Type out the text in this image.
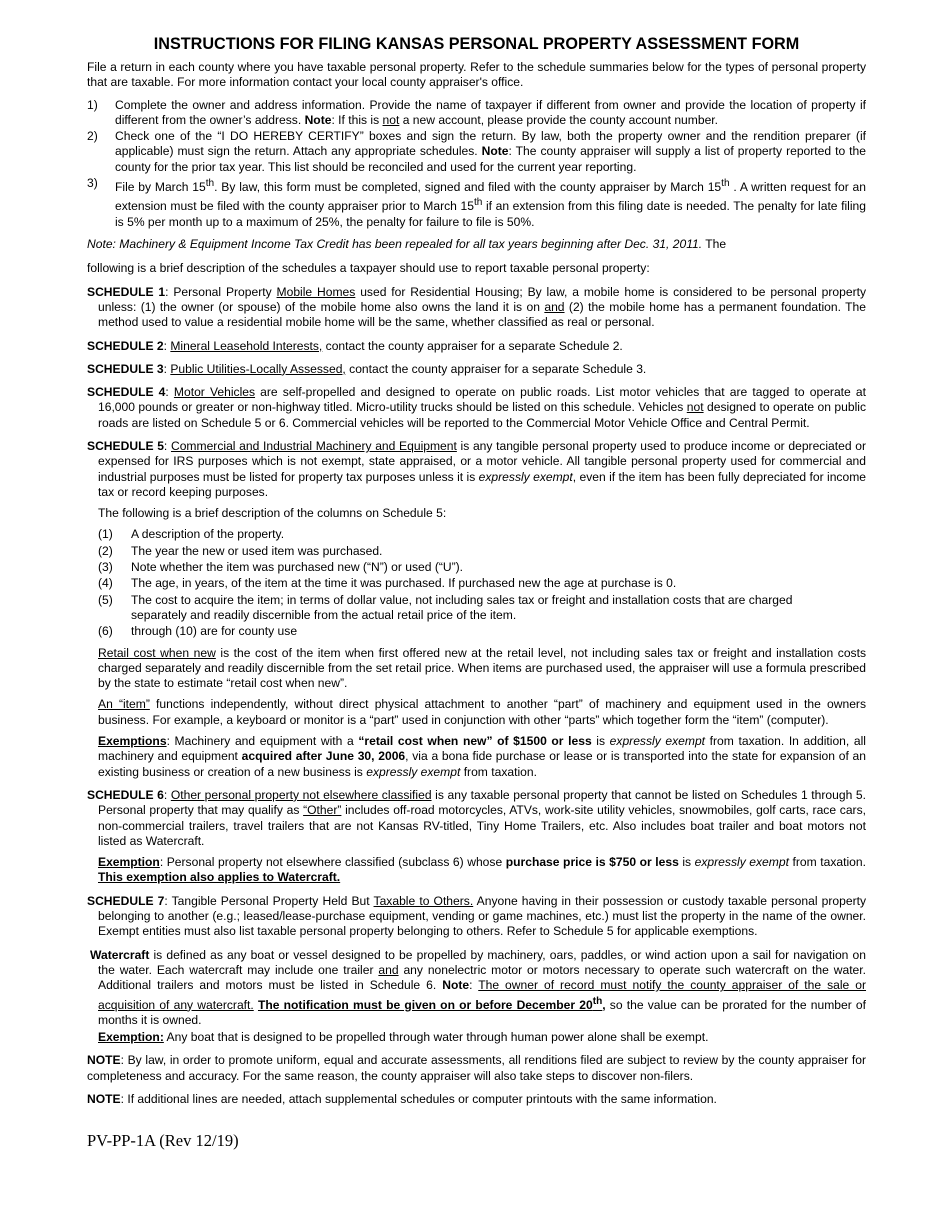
INSTRUCTIONS FOR FILING KANSAS PERSONAL PROPERTY ASSESSMENT FORM

File a return in each county where you have taxable personal property. Refer to the schedule summaries below for the types of personal property that are taxable. For more information contact your local county appraiser's office.

1) Complete the owner and address information. Provide the name of taxpayer if different from owner and provide the location of property if different from the owner’s address. Note: If this is not a new account, please provide the county account number.
2) Check one of the “I DO HEREBY CERTIFY” boxes and sign the return. By law, both the property owner and the rendition preparer (if applicable) must sign the return. Attach any appropriate schedules. Note: The county appraiser will supply a list of property reported to the county for the prior tax year. This list should be reconciled and used for the current year reporting.
3) File by March 15th. By law, this form must be completed, signed and filed with the county appraiser by March 15th . A written request for an extension must be filed with the county appraiser prior to March 15th if an extension from this filing date is needed. The penalty for late filing is 5% per month up to a maximum of 25%, the penalty for failure to file is 50%.

Note: Machinery & Equipment Income Tax Credit has been repealed for all tax years beginning after Dec. 31, 2011. The

following is a brief description of the schedules a taxpayer should use to report taxable personal property:

SCHEDULE 1: Personal Property Mobile Homes used for Residential Housing; By law, a mobile home is considered to be personal property unless: (1) the owner (or spouse) of the mobile home also owns the land it is on and (2) the mobile home has a permanent foundation. The method used to value a residential mobile home will be the same, whether classified as real or personal.

SCHEDULE 2: Mineral Leasehold Interests, contact the county appraiser for a separate Schedule 2.

SCHEDULE 3: Public Utilities-Locally Assessed, contact the county appraiser for a separate Schedule 3.

SCHEDULE 4: Motor Vehicles are self-propelled and designed to operate on public roads. List motor vehicles that are tagged to operate at 16,000 pounds or greater or non-highway titled. Micro-utility trucks should be listed on this schedule. Vehicles not designed to operate on public roads are listed on Schedule 5 or 6. Commercial vehicles will be reported to the Commercial Motor Vehicle Office and Central Permit.

SCHEDULE 5: Commercial and Industrial Machinery and Equipment is any tangible personal property used to produce income or depreciated or expensed for IRS purposes which is not exempt, state appraised, or a motor vehicle. All tangible personal property used for commercial and industrial purposes must be listed for property tax purposes unless it is expressly exempt, even if the item has been fully depreciated for income tax or record keeping purposes.

The following is a brief description of the columns on Schedule 5:

(1) A description of the property.
(2) The year the new or used item was purchased.
(3) Note whether the item was purchased new (“N”) or used (“U”).
(4) The age, in years, of the item at the time it was purchased. If purchased new the age at purchase is 0.
(5) The cost to acquire the item; in terms of dollar value, not including sales tax or freight and installation costs that are charged separately and readily discernible from the actual retail price of the item.
(6) through (10) are for county use

Retail cost when new is the cost of the item when first offered new at the retail level, not including sales tax or freight and installation costs charged separately and readily discernible from the set retail price. When items are purchased used, the appraiser will use a formula prescribed by the state to estimate “retail cost when new”.

An “item” functions independently, without direct physical attachment to another “part” of machinery and equipment used in the owners business. For example, a keyboard or monitor is a “part” used in conjunction with other “parts” which together form the “item” (computer).

Exemptions: Machinery and equipment with a “retail cost when new” of $1500 or less is expressly exempt from taxation. In addition, all machinery and equipment acquired after June 30, 2006, via a bona fide purchase or lease or is transported into the state for expansion of an existing business or creation of a new business is expressly exempt from taxation.

SCHEDULE 6: Other personal property not elsewhere classified is any taxable personal property that cannot be listed on Schedules 1 through 5. Personal property that may qualify as “Other” includes off-road motorcycles, ATVs, work-site utility vehicles, snowmobiles, golf carts, race cars, non-commercial trailers, travel trailers that are not Kansas RV-titled, Tiny Home Trailers, etc. Also includes boat trailer and boat motors not listed as Watercraft.

Exemption: Personal property not elsewhere classified (subclass 6) whose purchase price is $750 or less is expressly exempt from taxation. This exemption also applies to Watercraft.

SCHEDULE 7: Tangible Personal Property Held But Taxable to Others. Anyone having in their possession or custody taxable personal property belonging to another (e.g.; leased/lease-purchase equipment, vending or game machines, etc.) must list the property in the name of the owner. Exempt entities must also list taxable personal property belonging to others. Refer to Schedule 5 for applicable exemptions.

Watercraft is defined as any boat or vessel designed to be propelled by machinery, oars, paddles, or wind action upon a sail for navigation on the water. Each watercraft may include one trailer and any nonelectric motor or motors necessary to operate such watercraft on the water. Additional trailers and motors must be listed in Schedule 6. Note: The owner of record must notify the county appraiser of the sale or acquisition of any watercraft. The notification must be given on or before December 20th, so the value can be prorated for the number of months it is owned.

Exemption: Any boat that is designed to be propelled through water through human power alone shall be exempt.

NOTE: By law, in order to promote uniform, equal and accurate assessments, all renditions filed are subject to review by the county appraiser for completeness and accuracy. For the same reason, the county appraiser will also take steps to discover non-filers.

NOTE: If additional lines are needed, attach supplemental schedules or computer printouts with the same information.

PV-PP-1A (Rev 12/19)
